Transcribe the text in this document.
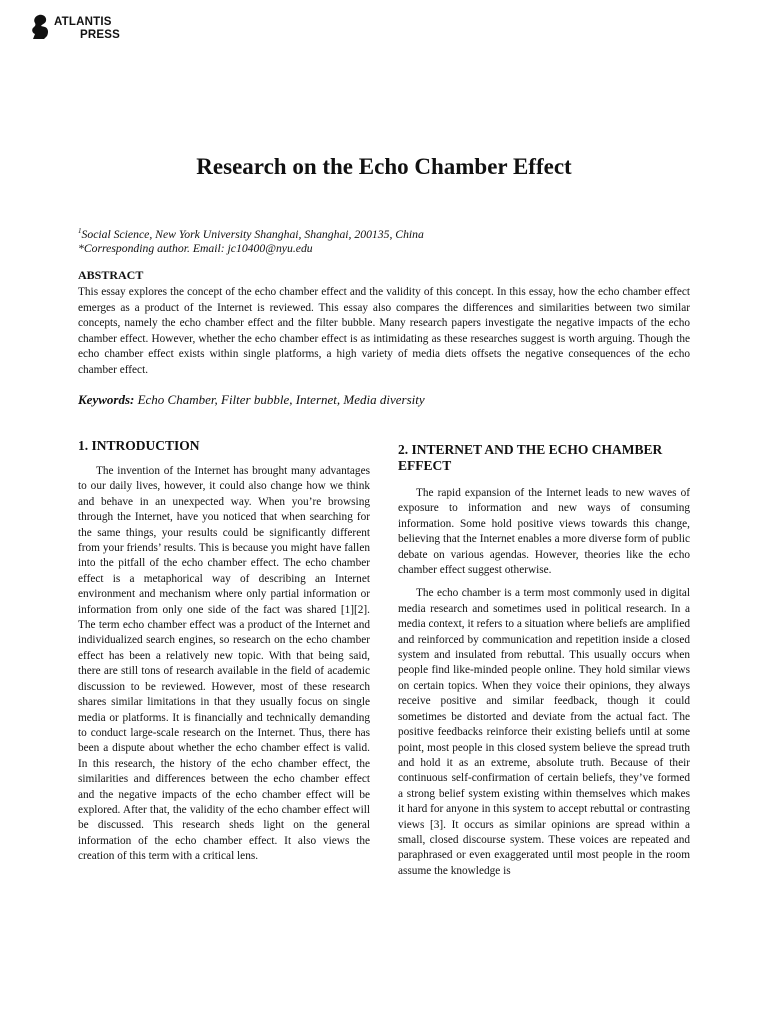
ATLANTIS
PRESS
Research on the Echo Chamber Effect
$^1$Social Science, New York University Shanghai, Shanghai, 200135, China
*Corresponding author. Email: jc10400@nyu.edu
ABSTRACT

This essay explores the concept of the echo chamber effect and the validity of this concept. In this essay, how the echo chamber effect emerges as a product of the Internet is reviewed. This essay also compares the differences and similarities between two similar concepts, namely the echo chamber effect and the filter bubble. Many research papers investigate the negative impacts of the echo chamber effect. However, whether the echo chamber effect is as intimidating as these researches suggest is worth arguing. Though the echo chamber effect exists within single platforms, a high variety of media diets offsets the negative consequences of the echo chamber effect.

Keywords: Echo Chamber, Filter bubble, Internet, Media diversity
1. INTRODUCTION

The invention of the Internet has brought many advantages to our daily lives, however, it could also change how we think and behave in an unexpected way. When you’re browsing through the Internet, have you noticed that when searching for the same things, your results could be significantly different from your friends’ results. This is because you might have fallen into the pitfall of the echo chamber effect. The echo chamber effect is a metaphorical way of describing an Internet environment and mechanism where only partial information or information from only one side of the fact was shared [1][2]. The term echo chamber effect was a product of the Internet and individualized search engines, so research on the echo chamber effect has been a relatively new topic. With that being said, there are still tons of research available in the field of academic discussion to be reviewed. However, most of these research shares similar limitations in that they usually focus on single media or platforms. It is financially and technically demanding to conduct large-scale research on the Internet. Thus, there has been a dispute about whether the echo chamber effect is valid. In this research, the history of the echo chamber effect, the similarities and differences between the echo chamber effect and the negative impacts of the echo chamber effect will be explored. After that, the validity of the echo chamber effect will be discussed. This research sheds light on the general information of the echo chamber effect. It also views the creation of this term with a critical lens.

2. INTERNET AND THE ECHO CHAMBER EFFECT

The rapid expansion of the Internet leads to new waves of exposure to information and new ways of consuming information. Some hold positive views towards this change, believing that the Internet enables a more diverse form of public debate on various agendas. However, theories like the echo chamber effect suggest otherwise.

The echo chamber is a term most commonly used in digital media research and sometimes used in political research. In a media context, it refers to a situation where beliefs are amplified and reinforced by communication and repetition inside a closed system and insulated from rebuttal. This usually occurs when people find like-minded people online. They hold similar views on certain topics. When they voice their opinions, they always receive positive and similar feedback, though it could sometimes be distorted and deviate from the actual fact. The positive feedbacks reinforce their existing beliefs until at some point, most people in this closed system believe the spread truth and hold it as an extreme, absolute truth. Because of their continuous self-confirmation of certain beliefs, they’ve formed a strong belief system existing within themselves which makes it hard for anyone in this system to accept rebuttal or contrasting views [3]. It occurs as similar opinions are spread within a small, closed discourse system. These voices are repeated and paraphrased or even exaggerated until most people in the room assume the knowledge is
